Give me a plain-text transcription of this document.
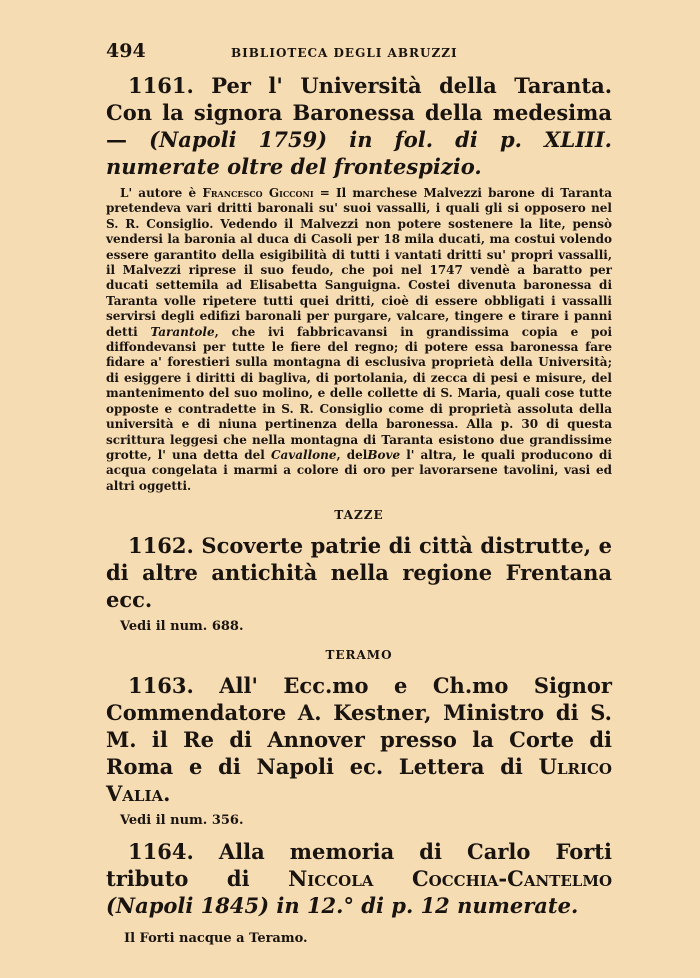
494	BIBLIOTECA DEGLI ABRUZZI

1161. Per l' Università della Taranta. Con la signora Baronessa della medesima — (Napoli 1759) in fol. di p. XLIII. numerate oltre del frontespizio.

L' autore è Francesco Gicconi = Il marchese Malvezzi barone di Taranta pretendeva vari dritti baronali su' suoi vassalli, i quali gli si opposero nel S. R. Consiglio. Vedendo il Malvezzi non potere sostenere la lite, pensò vendersi la baronia al duca di Casoli per 18 mila ducati, ma costui volendo essere garantito della esigibilità di tutti i vantati dritti su' propri vassalli, il Malvezzi riprese il suo feudo, che poi nel 1747 vendè a baratto per ducati settemila ad Elisabetta Sanguigna. Costei divenuta baronessa di Taranta volle ripetere tutti quei dritti, cioè di essere obbligati i vassalli servirsi degli edifizi baronali per purgare, valcare, tingere e tirare i panni detti Tarantole, che ivi fabbricavansi in grandissima copia e poi diffondevansi per tutte le fiere del regno; di potere essa baronessa fare fidare a' forestieri sulla montagna di esclusiva proprietà della Università; di esiggere i diritti di bagliva, di portolania, di zecca di pesi e misure, del mantenimento del suo molino, e delle collette di S. Maria, quali cose tutte opposte e contradette in S. R. Consiglio come di proprietà assoluta della università e di niuna pertinenza della baronessa. Alla p. 30 di questa scrittura leggesi che nella montagna di Taranta esistono due grandissime grotte, l' una detta del Cavallone, delBove l' altra, le quali producono di acqua congelata i marmi a colore di oro per lavorarsene tavolini, vasi ed altri oggetti.

TAZZE

1162. Scoverte patrie di città distrutte, e di altre antichità nella regione Frentana ecc.

Vedi il num. 688.
TERAMO

1163. All' Ecc.mo e Ch.mo Signor Commendatore A. Kestner, Ministro di S. M. il Re di Annover presso la Corte di Roma e di Napoli ec. Lettera di Ulrico Valia.

Vedi il num. 356.

1164. Alla memoria di Carlo Forti tributo di Niccola Cocchia-Cantelmo (Napoli 1845) in 12.° di p. 12 numerate.

Il Forti nacque a Teramo.
